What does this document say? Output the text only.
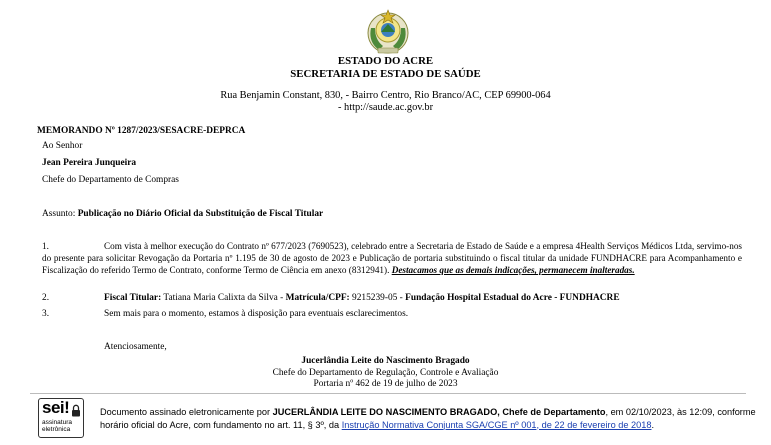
ESTADO DO ACRE
SECRETARIA DE ESTADO DE SAÚDE
Rua Benjamin Constant, 830, - Bairro Centro, Rio Branco/AC, CEP 69900-064
- http://saude.ac.gov.br
MEMORANDO Nº 1287/2023/SESACRE-DEPRCA
Ao Senhor
Jean Pereira Junqueira
Chefe do Departamento de Compras
Assunto: Publicação no Diário Oficial da Substituição de Fiscal Titular
1.	Com vista à melhor execução do Contrato nº 677/2023 (7690523), celebrado entre a Secretaria de Estado de Saúde e a empresa 4Health Serviços Médicos Ltda, servimo-nos do presente para solicitar Revogação da Portaria nº 1.195 de 30 de agosto de 2023 e Publicação de portaria substituindo o fiscal titular da unidade FUNDHACRE para Acompanhamento e Fiscalização do referido Termo de Contrato, conforme Termo de Ciência em anexo (8312941). Destacamos que as demais indicações, permanecem inalteradas.
2.	Fiscal Titular: Tatiana Maria Calixta da Silva - Matrícula/CPF: 9215239-05 - Fundação Hospital Estadual do Acre - FUNDHACRE
3.	Sem mais para o momento, estamos à disposição para eventuais esclarecimentos.
Atenciosamente,
Jucerlândia Leite do Nascimento Bragado
Chefe do Departamento de Regulação, Controle e Avaliação
Portaria nº 462 de 19 de julho de 2023
sei!
assinatura
eletrônica
Documento assinado eletronicamente por JUCERLÂNDIA LEITE DO NASCIMENTO BRAGADO, Chefe de Departamento, em 02/10/2023, às 12:09, conforme horário oficial do Acre, com fundamento no art. 11, § 3º, da Instrução Normativa Conjunta SGA/CGE nº 001, de 22 de fevereiro de 2018.
